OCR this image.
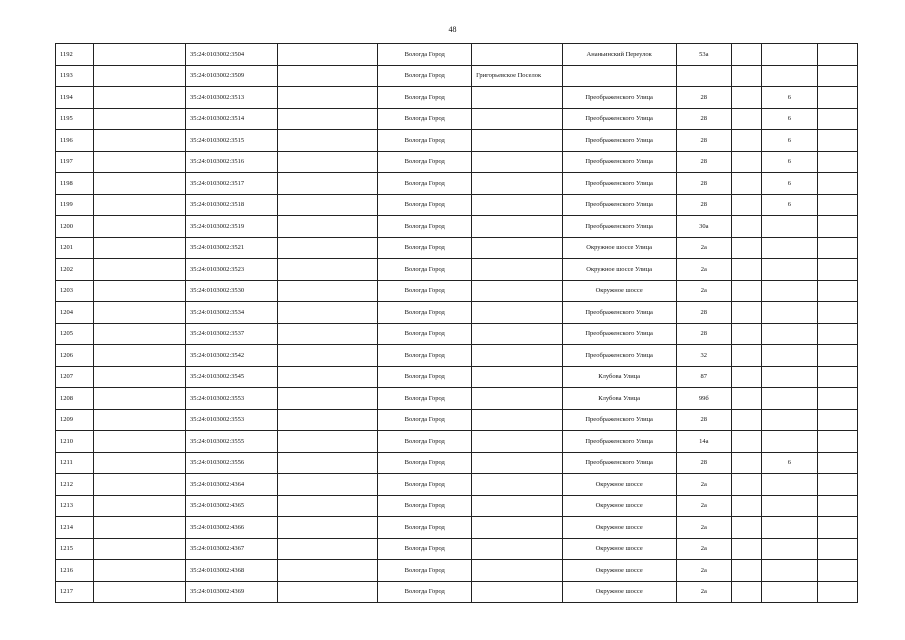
48
1192		35:24:0103002:3504		Вологда Город		Ананьинский Переулок	53а			
1193		35:24:0103002:3509		Вологда Город	Григорьевское Поселок					
1194		35:24:0103002:3513		Вологда Город		Преображенского Улица	28		6	
1195		35:24:0103002:3514		Вологда Город		Преображенского Улица	28		6	
1196		35:24:0103002:3515		Вологда Город		Преображенского Улица	28		6	
1197		35:24:0103002:3516		Вологда Город		Преображенского Улица	28		6	
1198		35:24:0103002:3517		Вологда Город		Преображенского Улица	28		6	
1199		35:24:0103002:3518		Вологда Город		Преображенского Улица	28		6	
1200		35:24:0103002:3519		Вологда Город		Преображенского Улица	30а			
1201		35:24:0103002:3521		Вологда Город		Окружное шоссе Улица	2а			
1202		35:24:0103002:3523		Вологда Город		Окружное шоссе Улица	2а			
1203		35:24:0103002:3530		Вологда Город		Окружное шоссе	2а			
1204		35:24:0103002:3534		Вологда Город		Преображенского Улица	28			
1205		35:24:0103002:3537		Вологда Город		Преображенского Улица	28			
1206		35:24:0103002:3542		Вологда Город		Преображенского Улица	32			
1207		35:24:0103002:3545		Вологда Город		Клубова Улица	87			
1208		35:24:0103002:3553		Вологда Город		Клубова Улица	99б			
1209		35:24:0103002:3553		Вологда Город		Преображенского Улица	28			
1210		35:24:0103002:3555		Вологда Город		Преображенского Улица	14а			
1211		35:24:0103002:3556		Вологда Город		Преображенского Улица	28		6	
1212		35:24:0103002:4364		Вологда Город		Окружное шоссе	2а			
1213		35:24:0103002:4365		Вологда Город		Окружное шоссе	2а			
1214		35:24:0103002:4366		Вологда Город		Окружное шоссе	2а			
1215		35:24:0103002:4367		Вологда Город		Окружное шоссе	2а			
1216		35:24:0103002:4368		Вологда Город		Окружное шоссе	2а			
1217		35:24:0103002:4369		Вологда Город		Окружное шоссе	2а			
